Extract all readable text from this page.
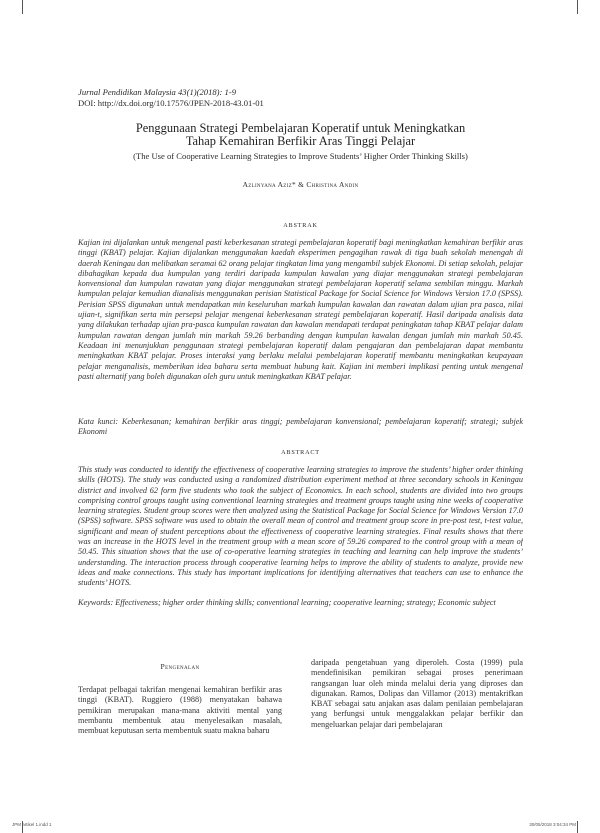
Jurnal Pendidikan Malaysia 43(1)(2018): 1-9
DOI: http://dx.doi.org/10.17576/JPEN-2018-43.01-01
Penggunaan Strategi Pembelajaran Koperatif untuk Meningkatkan
Tahap Kemahiran Berfikir Aras Tinggi Pelajar
(The Use of Cooperative Learning Strategies to Improve Students’ Higher Order Thinking Skills)
Azlinyana Aziz* & Christina Andin
ABSTRAK
Kajian ini dijalankan untuk mengenal pasti keberkesanan strategi pembelajaran koperatif bagi meningkatkan kemahiran berfikir aras tinggi (KBAT) pelajar. Kajian dijalankan menggunakan kaedah eksperimen pengagihan rawak di tiga buah sekolah menengah di daerah Keningau dan melibatkan seramai 62 orang pelajar tingkatan lima yang mengambil subjek Ekonomi. Di setiap sekolah, pelajar dibahagikan kepada dua kumpulan yang terdiri daripada kumpulan kawalan yang diajar menggunakan strategi pembelajaran konvensional dan kumpulan rawatan yang diajar menggunakan strategi pembelajaran koperatif selama sembilan minggu. Markah kumpulan pelajar kemudian dianalisis menggunakan perisian Statistical Package for Social Science for Windows Version 17.0 (SPSS). Perisian SPSS digunakan untuk mendapatkan min keseluruhan markah kumpulan kawalan dan rawatan dalam ujian pra pasca, nilai ujian-t, signifikan serta min persepsi pelajar mengenai keberkesanan strategi pembelajaran koperatif. Hasil daripada analisis data yang dilakukan terhadap ujian pra-pasca kumpulan rawatan dan kawalan mendapati terdapat peningkatan tahap KBAT pelajar dalam kumpulan rawatan dengan jumlah min markah 59.26 berbanding dengan kumpulan kawalan dengan jumlah min markah 50.45. Keadaan ini menunjukkan penggunaan strategi pembelajaran koperatif dalam pengajaran dan pembelajaran dapat membantu meningkatkan KBAT pelajar. Proses interaksi yang berlaku melalui pembelajaran koperatif membantu meningkatkan keupayaan pelajar menganalisis, memberikan idea baharu serta membuat hubung kait. Kajian ini memberi implikasi penting untuk mengenal pasti alternatif yang boleh digunakan oleh guru untuk meningkatkan KBAT pelajar.
Kata kunci: Keberkesanan; kemahiran berfikir aras tinggi; pembelajaran konvensional; pembelajaran koperatif; strategi; subjek Ekonomi
ABSTRACT
This study was conducted to identify the effectiveness of cooperative learning strategies to improve the students’ higher order thinking skills (HOTS). The study was conducted using a randomized distribution experiment method at three secondary schools in Keningau district and involved 62 form five students who took the subject of Economics. In each school, students are divided into two groups comprising control groups taught using conventional learning strategies and treatment groups taught using nine weeks of cooperative learning strategies. Student group scores were then analyzed using the Statistical Package for Social Science for Windows Version 17.0 (SPSS) software. SPSS software was used to obtain the overall mean of control and treatment group score in pre-post test, t-test value, significant and mean of student perceptions about the effectiveness of cooperative learning strategies. Final results shows that there was an increase in the HOTS level in the treatment group with a mean score of 59.26 compared to the control group with a mean of 50.45. This situation shows that the use of co-operative learning strategies in teaching and learning can help improve the students’ understanding. The interaction process through cooperative learning helps to improve the ability of students to analyze, provide new ideas and make connections. This study has important implications for identifying alternatives that teachers can use to enhance the students’ HOTS.
Keywords: Effectiveness; higher order thinking skills; conventional learning; cooperative learning; strategy; Economic subject
Pengenalan
Terdapat pelbagai takrifan mengenai kemahiran berfikir aras tinggi (KBAT). Ruggiero (1988) menyatakan bahawa pemikiran merupakan mana-mana aktiviti mental yang membantu membentuk atau menyelesaikan masalah, membuat keputusan serta membentuk suatu makna baharu
daripada pengetahuan yang diperoleh. Costa (1999) pula mendefinisikan pemikiran sebagai proses penerimaan rangsangan luar oleh minda melalui deria yang diproses dan digunakan. Ramos, Dolipas dan Villamor (2013) mentakrifkan KBAT sebagai satu anjakan asas dalam penilaian pembelajaran yang berfungsi untuk menggalakkan pelajar berfikir dan mengeluarkan pelajar dari pembelajaran
JPM artikel 1.indd 1	30/05/2018 3:04:34 PM
